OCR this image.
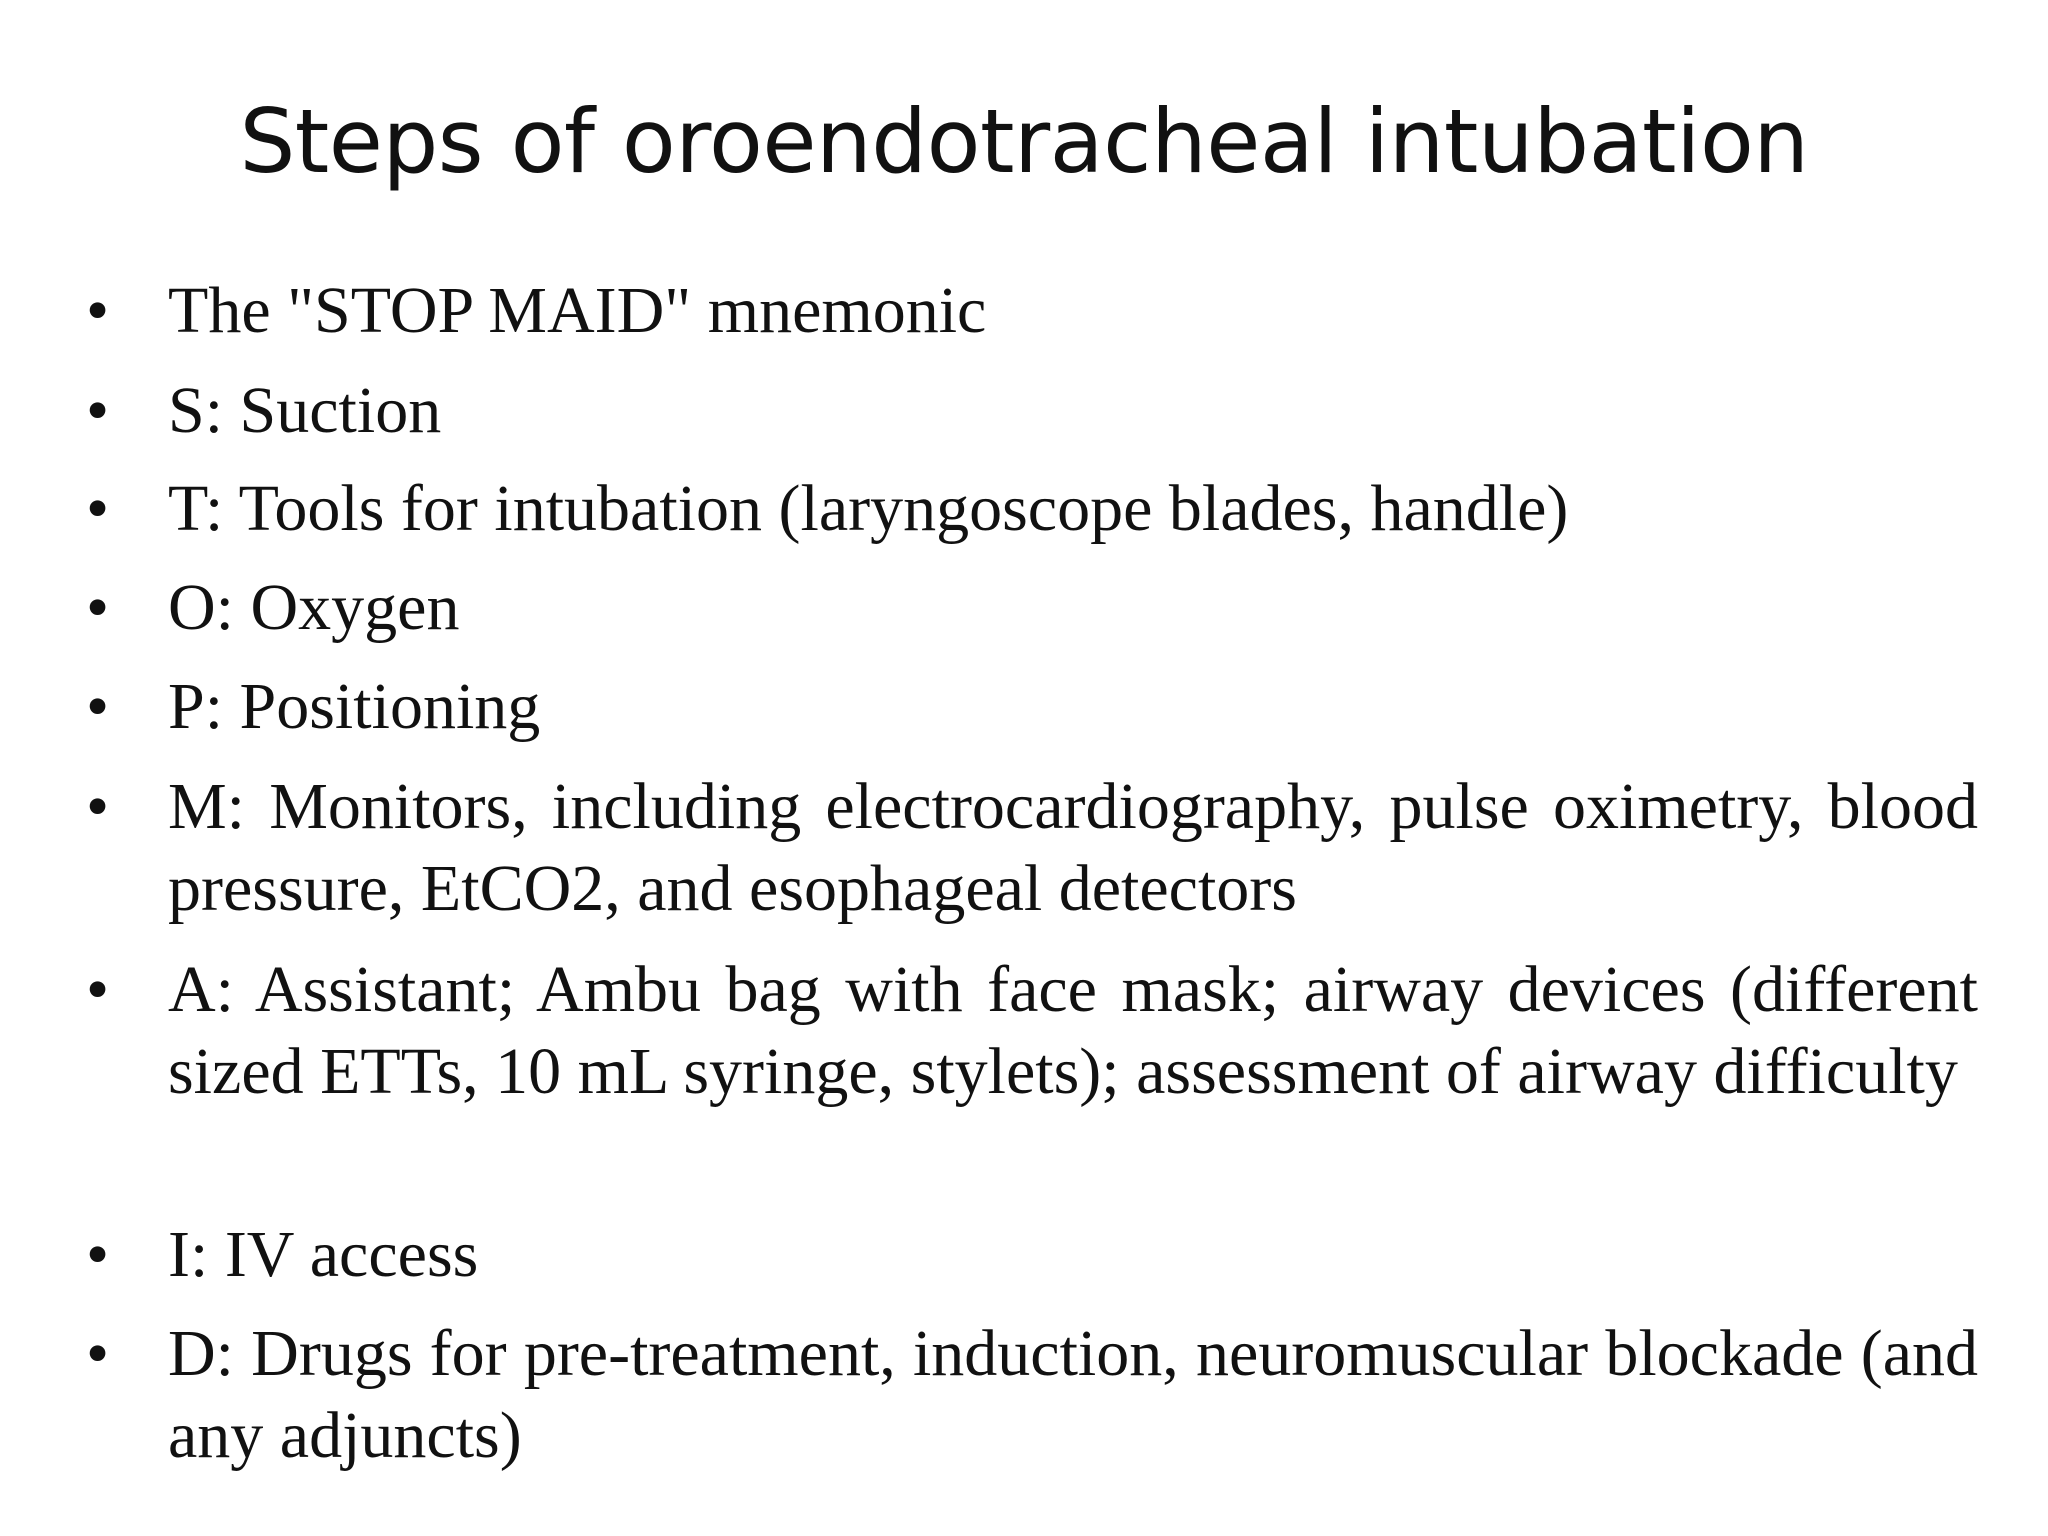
Steps of oroendotracheal intubation
• The "STOP MAID" mnemonic
• S: Suction
• T: Tools for intubation (laryngoscope blades, handle)
• O: Oxygen
• P: Positioning
• M: Monitors, including electrocardiography, pulse oximetry, blood pressure, EtCO2, and esophageal detectors
• A: Assistant; Ambu bag with face mask; airway devices (different sized ETTs, 10 mL syringe, stylets); assessment of airway difficulty
• I: IV access
• D: Drugs for pre-treatment, induction, neuromuscular blockade (and any adjuncts)
